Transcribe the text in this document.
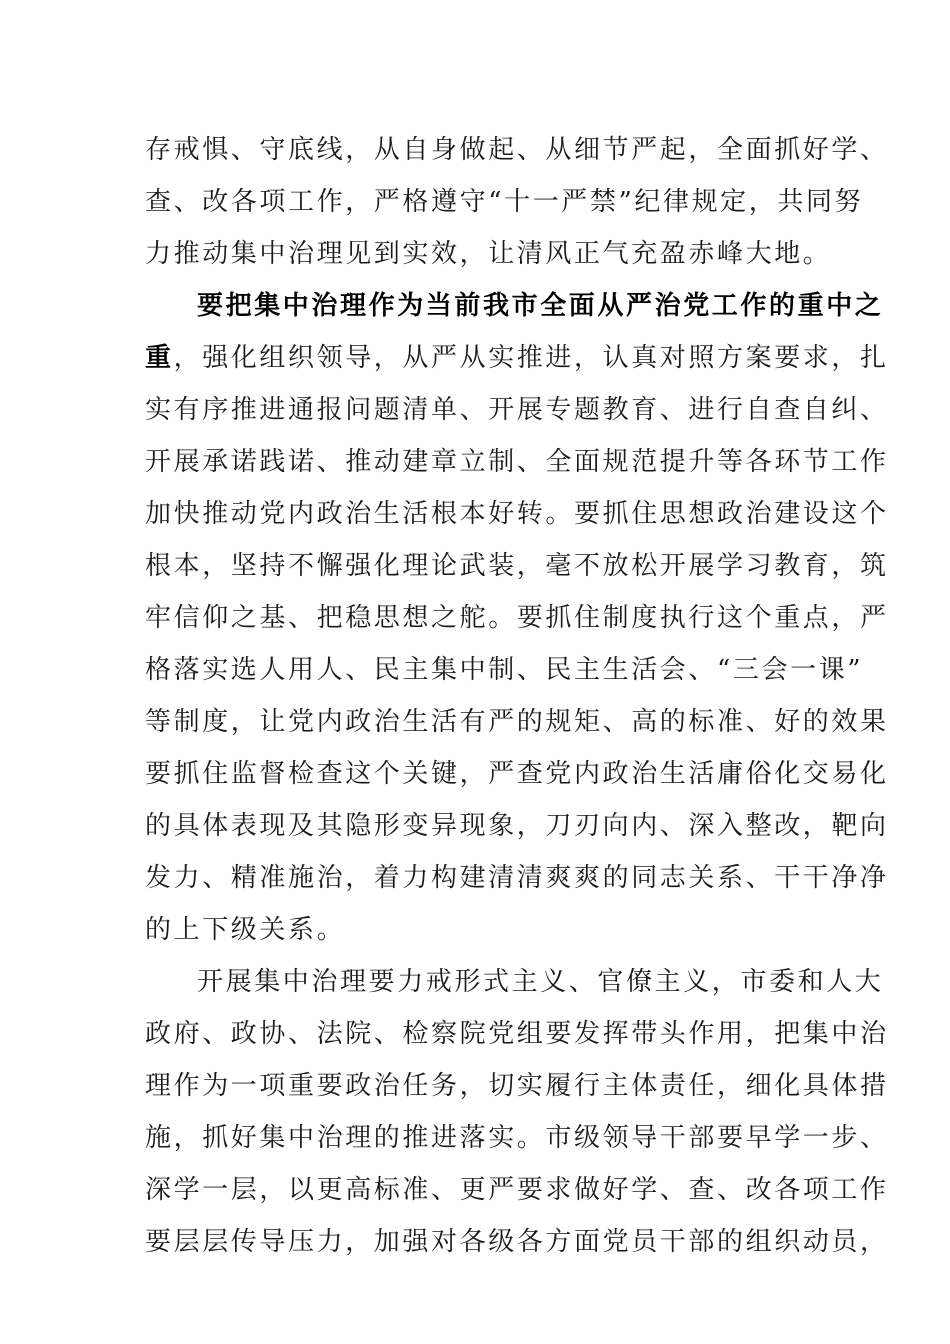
存戒惧、守底线，从自身做起、从细节严起，全面抓好学、
查、改各项工作，严格遵守“十一严禁”纪律规定，共同努
力推动集中治理见到实效，让清风正气充盈赤峰大地。
要把集中治理作为当前我市全面从严治党工作的重中之
重，强化组织领导，从严从实推进，认真对照方案要求，扎
实有序推进通报问题清单、开展专题教育、进行自查自纠、
开展承诺践诺、推动建章立制、全面规范提升等各环节工作
加快推动党内政治生活根本好转。要抓住思想政治建设这个
根本，坚持不懈强化理论武装，毫不放松开展学习教育，筑
牢信仰之基、把稳思想之舵。要抓住制度执行这个重点，严
格落实选人用人、民主集中制、民主生活会、“三会一课”
等制度，让党内政治生活有严的规矩、高的标准、好的效果
要抓住监督检查这个关键，严查党内政治生活庸俗化交易化
的具体表现及其隐形变异现象，刀刃向内、深入整改，靶向
发力、精准施治，着力构建清清爽爽的同志关系、干干净净
的上下级关系。
开展集中治理要力戒形式主义、官僚主义，市委和人大
政府、政协、法院、检察院党组要发挥带头作用，把集中治
理作为一项重要政治任务，切实履行主体责任，细化具体措
施，抓好集中治理的推进落实。市级领导干部要早学一步、
深学一层，以更高标准、更严要求做好学、查、改各项工作
要层层传导压力，加强对各级各方面党员干部的组织动员，
